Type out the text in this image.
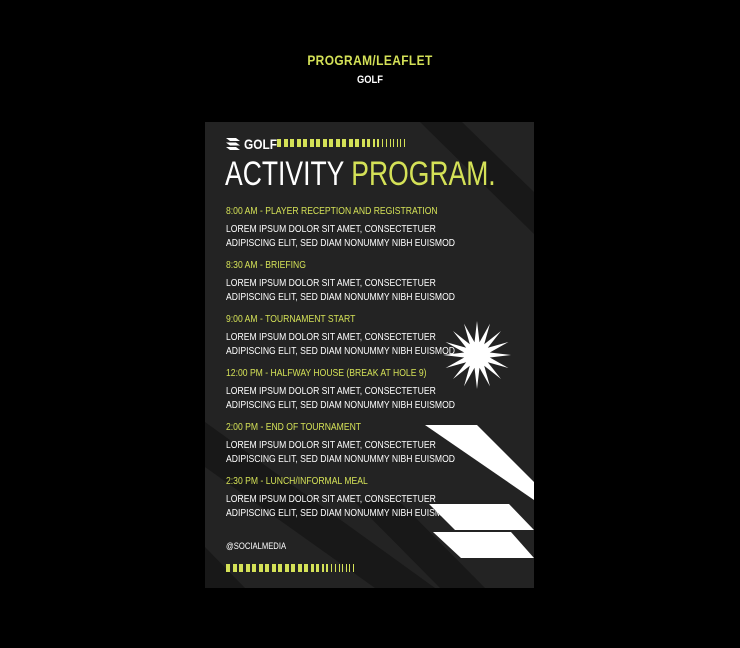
PROGRAM/LEAFLET
GOLF
GOLF
ACTIVITY PROGRAM.
8:00 AM - PLAYER RECEPTION AND REGISTRATION
LOREM IPSUM DOLOR SIT AMET, CONSECTETUER
ADIPISCING ELIT, SED DIAM NONUMMY NIBH EUISMOD
8:30 AM - BRIEFING
LOREM IPSUM DOLOR SIT AMET, CONSECTETUER
ADIPISCING ELIT, SED DIAM NONUMMY NIBH EUISMOD
9:00 AM - TOURNAMENT START
LOREM IPSUM DOLOR SIT AMET, CONSECTETUER
ADIPISCING ELIT, SED DIAM NONUMMY NIBH EUISMOD
12:00 PM - HALFWAY HOUSE (BREAK AT HOLE 9)
LOREM IPSUM DOLOR SIT AMET, CONSECTETUER
ADIPISCING ELIT, SED DIAM NONUMMY NIBH EUISMOD
2:00 PM - END OF TOURNAMENT
LOREM IPSUM DOLOR SIT AMET, CONSECTETUER
ADIPISCING ELIT, SED DIAM NONUMMY NIBH EUISMOD
2:30 PM - LUNCH/INFORMAL MEAL
LOREM IPSUM DOLOR SIT AMET, CONSECTETUER
ADIPISCING ELIT, SED DIAM NONUMMY NIBH EUISMOD
@SOCIALMEDIA
